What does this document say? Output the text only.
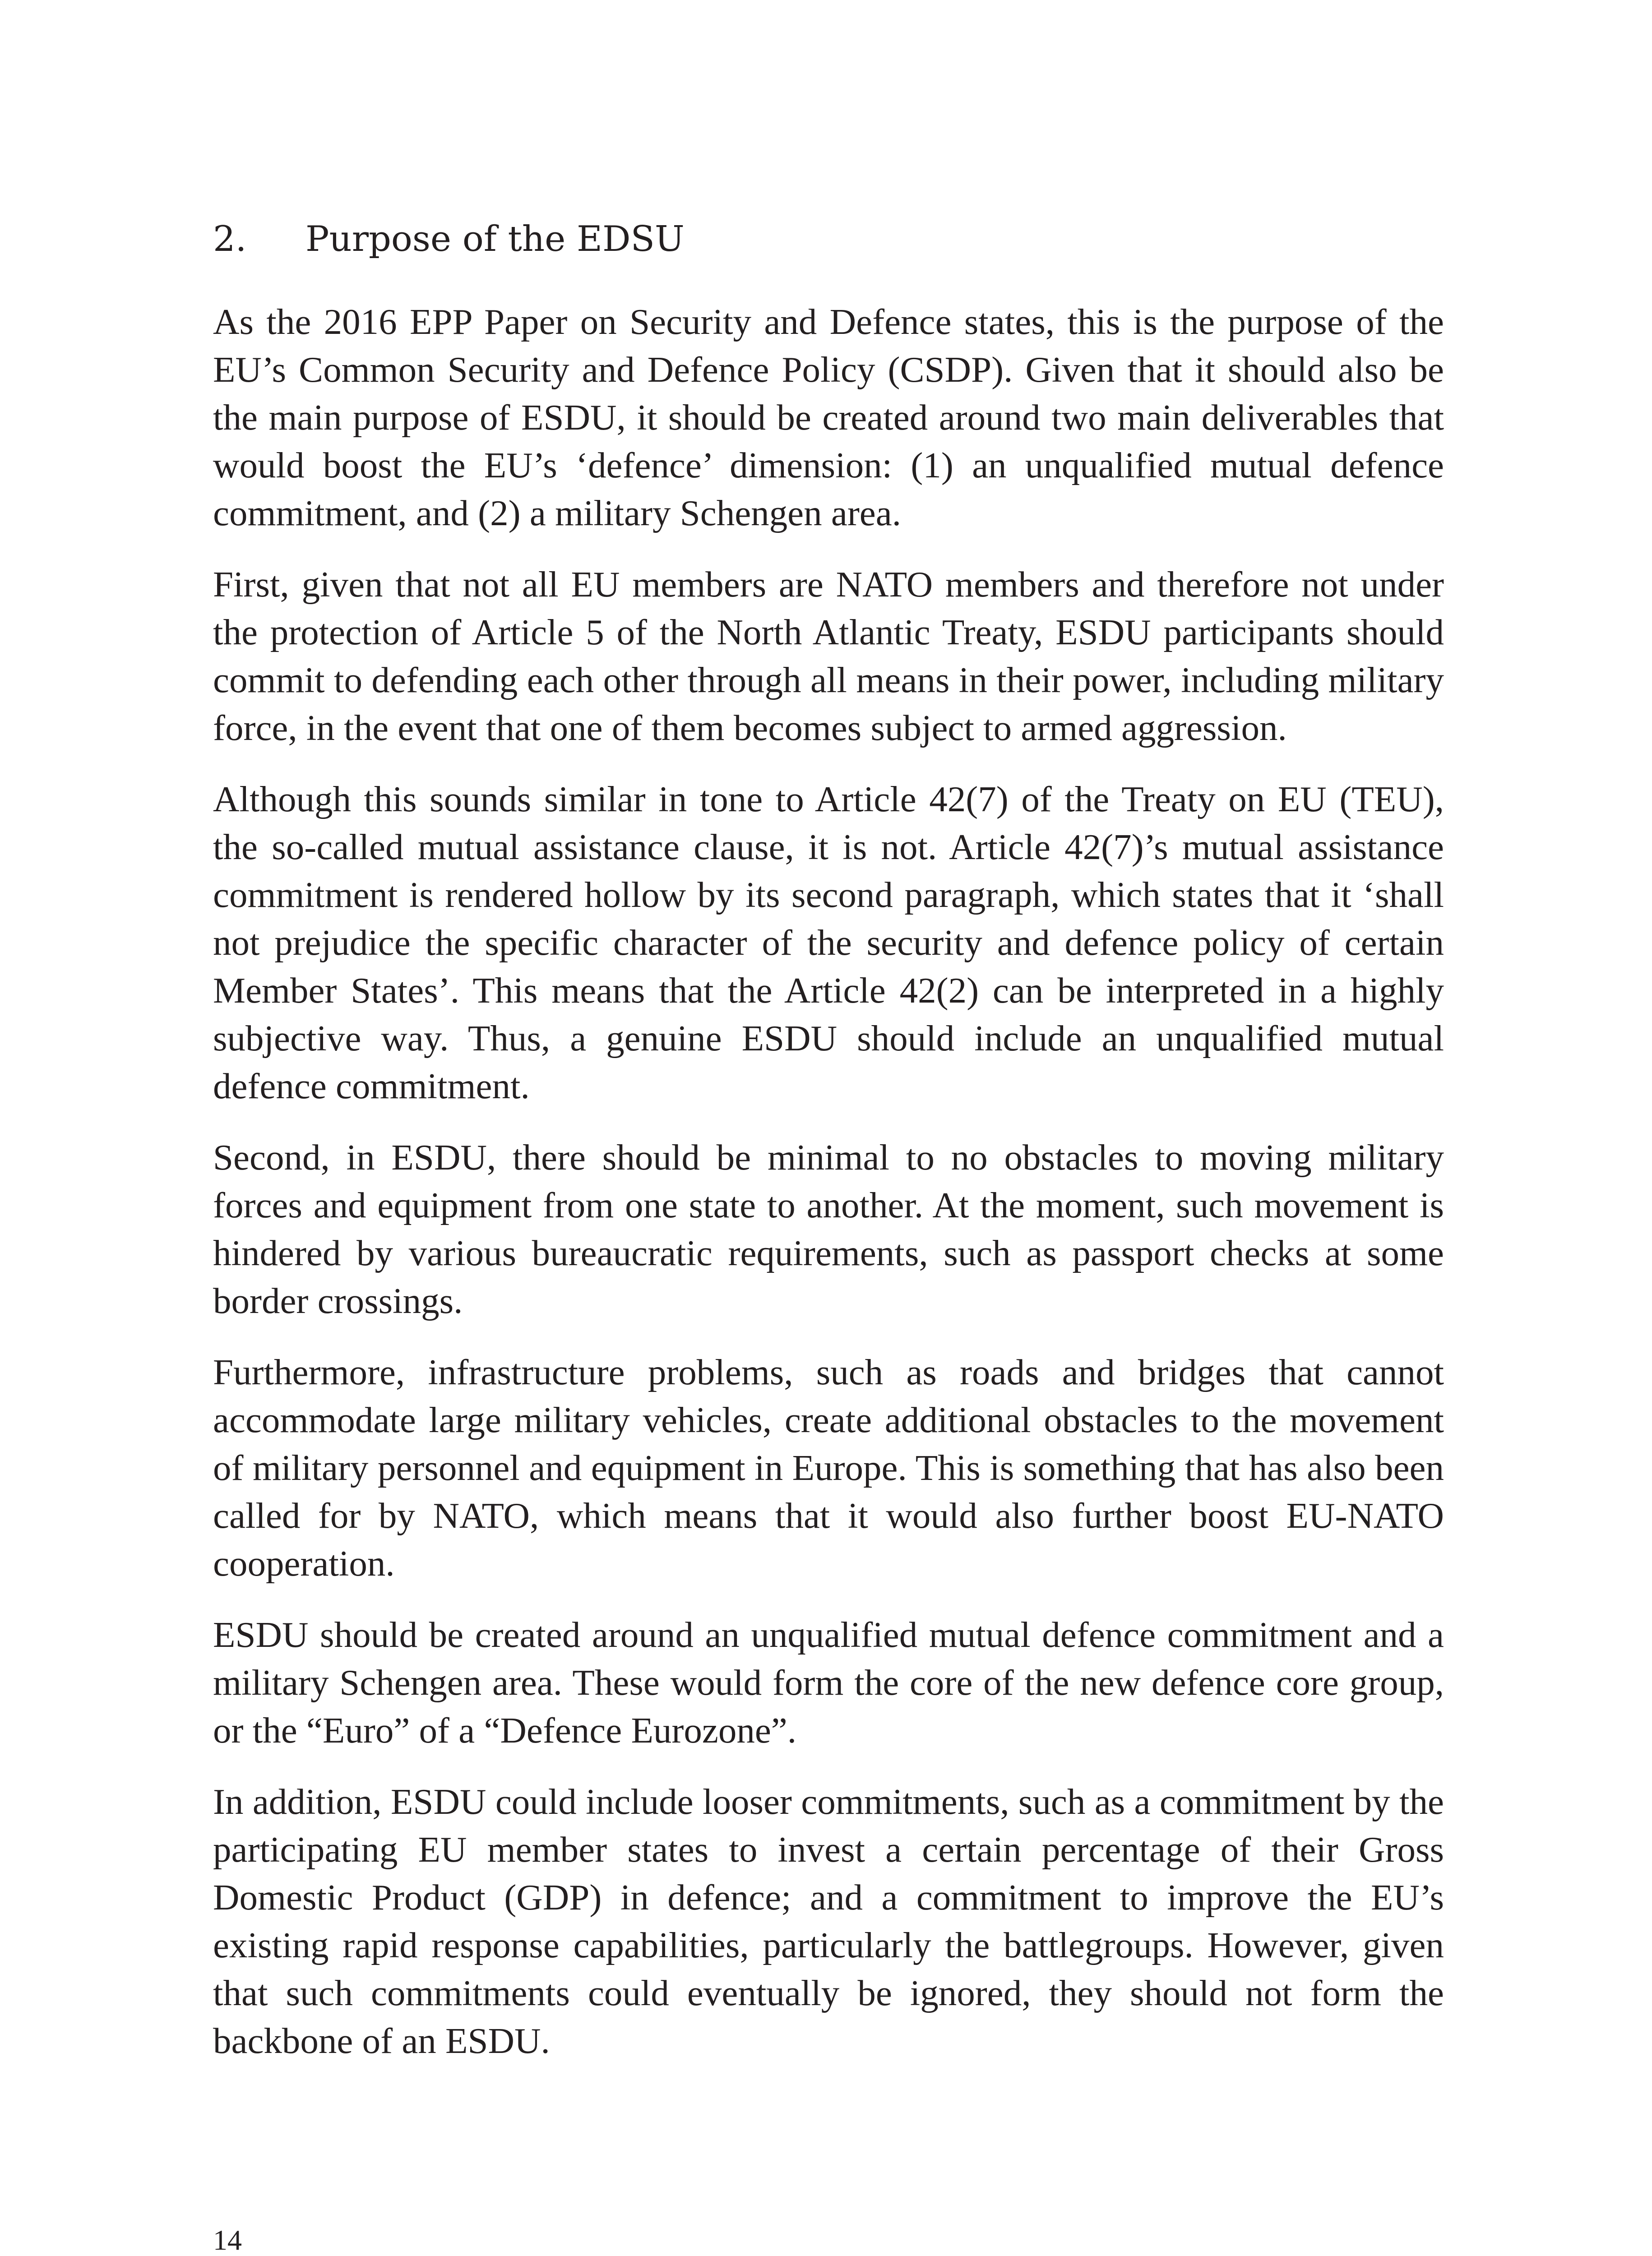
2. Purpose of the EDSU

As the 2016 EPP Paper on Security and Defence states, this is the purpose of the EU’s Common Security and Defence Policy (CSDP). Given that it should also be the main purpose of ESDU, it should be created around two main deliverables that would boost the EU’s ‘defence’ dimension: (1) an unqualified mutual defence commitment, and (2) a military Schengen area.

First, given that not all EU members are NATO members and therefore not under the protection of Article 5 of the North Atlantic Treaty, ESDU participants should commit to defending each other through all means in their power, including military force, in the event that one of them becomes subject to armed aggression.

Although this sounds similar in tone to Article 42(7) of the Treaty on EU (TEU), the so-called mutual assistance clause, it is not. Article 42(7)’s mutual assistance commitment is rendered hollow by its second paragraph, which states that it ‘shall not prejudice the specific character of the security and defence policy of certain Member States’. This means that the Article 42(2) can be interpreted in a highly subjective way. Thus, a genuine ESDU should include an unqualified mutual defence commitment.

Second, in ESDU, there should be minimal to no obstacles to moving military forces and equipment from one state to another. At the moment, such movement is hindered by various bureaucratic requirements, such as passport checks at some border crossings.

Furthermore, infrastructure problems, such as roads and bridges that cannot accommodate large military vehicles, create additional obstacles to the movement of military personnel and equipment in Europe. This is something that has also been called for by NATO, which means that it would also further boost EU-NATO cooperation.

ESDU should be created around an unqualified mutual defence commitment and a military Schengen area. These would form the core of the new defence core group, or the “Euro” of a “Defence Eurozone”.

In addition, ESDU could include looser commitments, such as a commitment by the participating EU member states to invest a certain percentage of their Gross Domestic Product (GDP) in defence; and a commitment to improve the EU’s existing rapid response capabilities, particularly the battlegroups. However, given that such commitments could eventually be ignored, they should not form the backbone of an ESDU.

14
